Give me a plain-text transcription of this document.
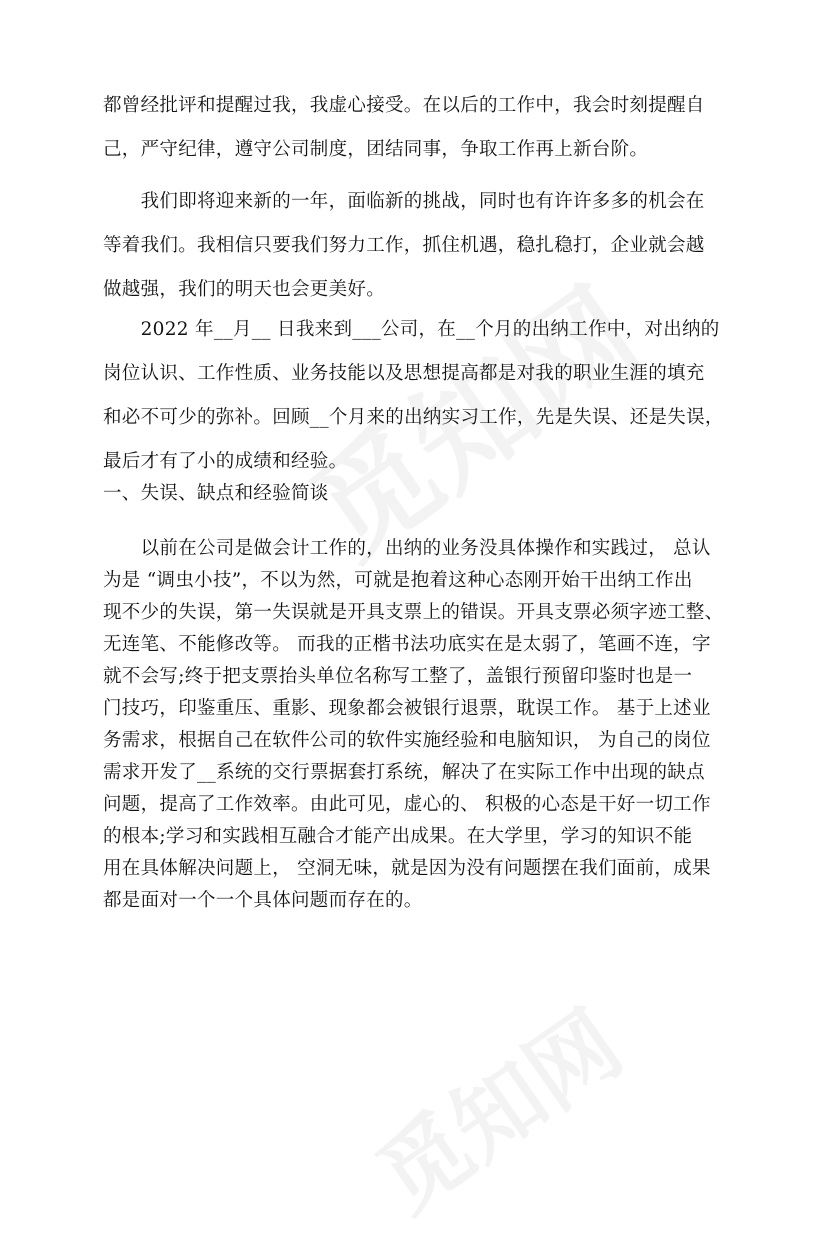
都曾经批评和提醒过我，我虚心接受。在以后的工作中，我会时刻提醒自
己，严守纪律，遵守公司制度，团结同事，争取工作再上新台阶。
　　我们即将迎来新的一年，面临新的挑战，同时也有许许多多的机会在
等着我们。我相信只要我们努力工作，抓住机遇，稳扎稳打，企业就会越
做越强，我们的明天也会更美好。
　　2022 年__月__ 日我来到___公司，在__个月的出纳工作中，对出纳的
岗位认识、工作性质、业务技能以及思想提高都是对我的职业生涯的填充
和必不可少的弥补。回顾__个月来的出纳实习工作，先是失误、还是失误，
最后才有了小的成绩和经验。
一、失误、缺点和经验简谈
　　以前在公司是做会计工作的，出纳的业务没具体操作和实践过， 总认
为是 “调虫小技”，不以为然，可就是抱着这种心态刚开始干出纳工作出
现不少的失误，第一失误就是开具支票上的错误。开具支票必须字迹工整、
无连笔、不能修改等。 而我的正楷书法功底实在是太弱了，笔画不连，字
就不会写;终于把支票抬头单位名称写工整了，盖银行预留印鉴时也是一
门技巧，印鉴重压、重影、现象都会被银行退票，耽误工作。 基于上述业
务需求，根据自己在软件公司的软件实施经验和电脑知识， 为自己的岗位
需求开发了__系统的交行票据套打系统，解决了在实际工作中出现的缺点
问题，提高了工作效率。由此可见，虚心的、 积极的心态是干好一切工作
的根本;学习和实践相互融合才能产出成果。在大学里，学习的知识不能
用在具体解决问题上， 空洞无味，就是因为没有问题摆在我们面前，成果
都是面对一个一个具体问题而存在的。
